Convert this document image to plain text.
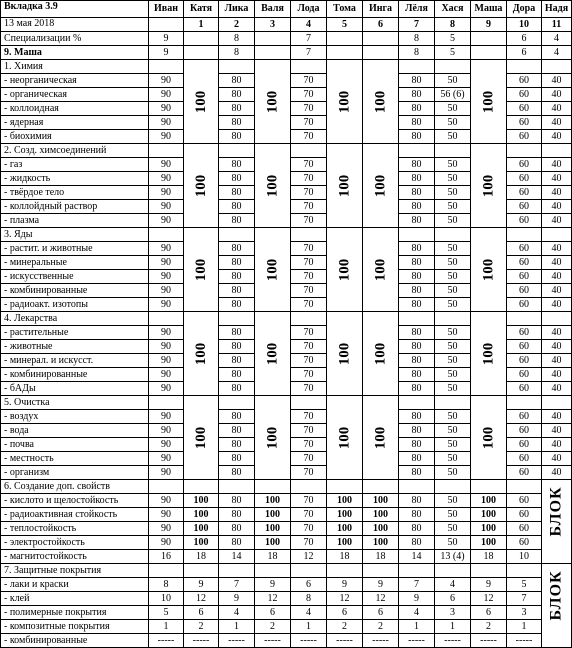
Вкладка 3.9	Иван	Катя	Лика	Валя	Лода	Тома	Инга	Лёля	Хася	Маша	Дора	Надя
13 мая 2018		1	2	3	4	5	6	7	8	9	10	11
Специализации %	9		8		7			8	5		6	4
9. Маша	9		8		7			8	5		6	4
1. Химия		100		100		100	100			100		

- неорганическая	90		80		70			80	50		60	40
- органическая	90		80		70			80	56 (6)		60	40
- коллоидная	90		80		70			80	50		60	40
- ядерная	90		80		70			80	50		60	40
- биохимия	90		80		70			80	50		60	40
2. Созд. химсоединений		100		100		100	100			100		

- газ	90		80		70			80	50		60	40
- жидкость	90		80		70			80	50		60	40
- твёрдое тело	90		80		70			80	50		60	40
- коллойдный раствор	90		80		70			80	50		60	40
- плазма	90		80		70			80	50		60	40
3. Яды		100		100		100	100			100		

- растит. и животные	90		80		70			80	50		60	40
- минеральные	90		80		70			80	50		60	40
- искусственные	90		80		70			80	50		60	40
- комбинированные	90		80		70			80	50		60	40
- радиоакт. изотопы	90		80		70			80	50		60	40
4. Лекарства		100		100		100	100			100		

- растительные	90		80		70			80	50		60	40
- животные	90		80		70			80	50		60	40
- минерал. и искусст.	90		80		70			80	50		60	40
- комбинированные	90		80		70			80	50		60	40
- бАДы	90		80		70			80	50		60	40
5. Очистка		100		100		100	100			100		

- воздух	90		80		70			80	50		60	40
- вода	90		80		70			80	50		60	40
- почва	90		80		70			80	50		60	40
- местность	90		80		70			80	50		60	40
- организм	90		80		70			80	50		60	40
6. Создание доп. свойств												БЛОК

- кислото и щелостойкость	90	100	80	100	70	100	100	80	50	100	60	
- радиоактивная стойкость	90	100	80	100	70	100	100	80	50	100	60	
- теплостойкость	90	100	80	100	70	100	100	80	50	100	60	
- электростойкость	90	100	80	100	70	100	100	80	50	100	60	
- магнитостойкость	16	18	14	18	12	18	18	14	13 (4)	18	10	
7. Защитные покрытия												БЛОК

- лаки и краски	8	9	7	9	6	9	9	7	4	9	5	
- клей	10	12	9	12	8	12	12	9	6	12	7	
- полимерные покрытия	5	6	4	6	4	6	6	4	3	6	3	
- композитные покрытия	1	2	1	2	1	2	2	1	1	2	1	
- комбинированные	-----	-----	-----	-----	-----	-----	-----	-----	-----	-----	-----	
